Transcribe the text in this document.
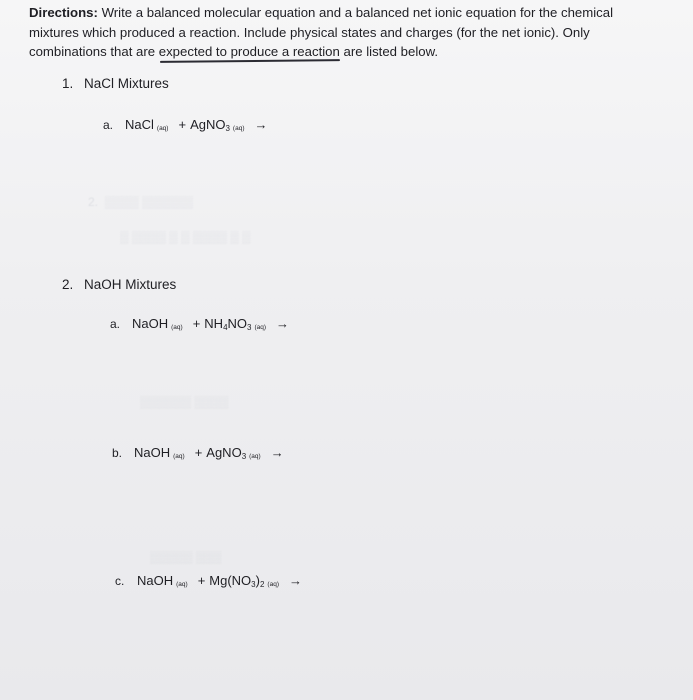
Directions: Write a balanced molecular equation and a balanced net ionic equation for the chemical mixtures which produced a reaction. Include physical states and charges (for the net ionic). Only combinations that are expected to produce a reaction are listed below.
2.  ▒▒▒▒ ▒▒▒▒▒▒
▒ ▒▒▒▒ ▒ ▒ ▒▒▒▒ ▒ ▒
▒▒▒▒▒▒ ▒▒▒▒
▒▒▒▒▒ ▒▒▒
1. NaCl Mixtures
a. NaCl (aq) + AgNO$_3$ (aq) →
2. NaOH Mixtures
a. NaOH $(aq) + NH_4NO_3$ (aq) →
b. NaOH (aq) + AgNO$_3$ (aq) →
c. NaOH $(aq) + Mg(NO_3)_2$ (aq) →
